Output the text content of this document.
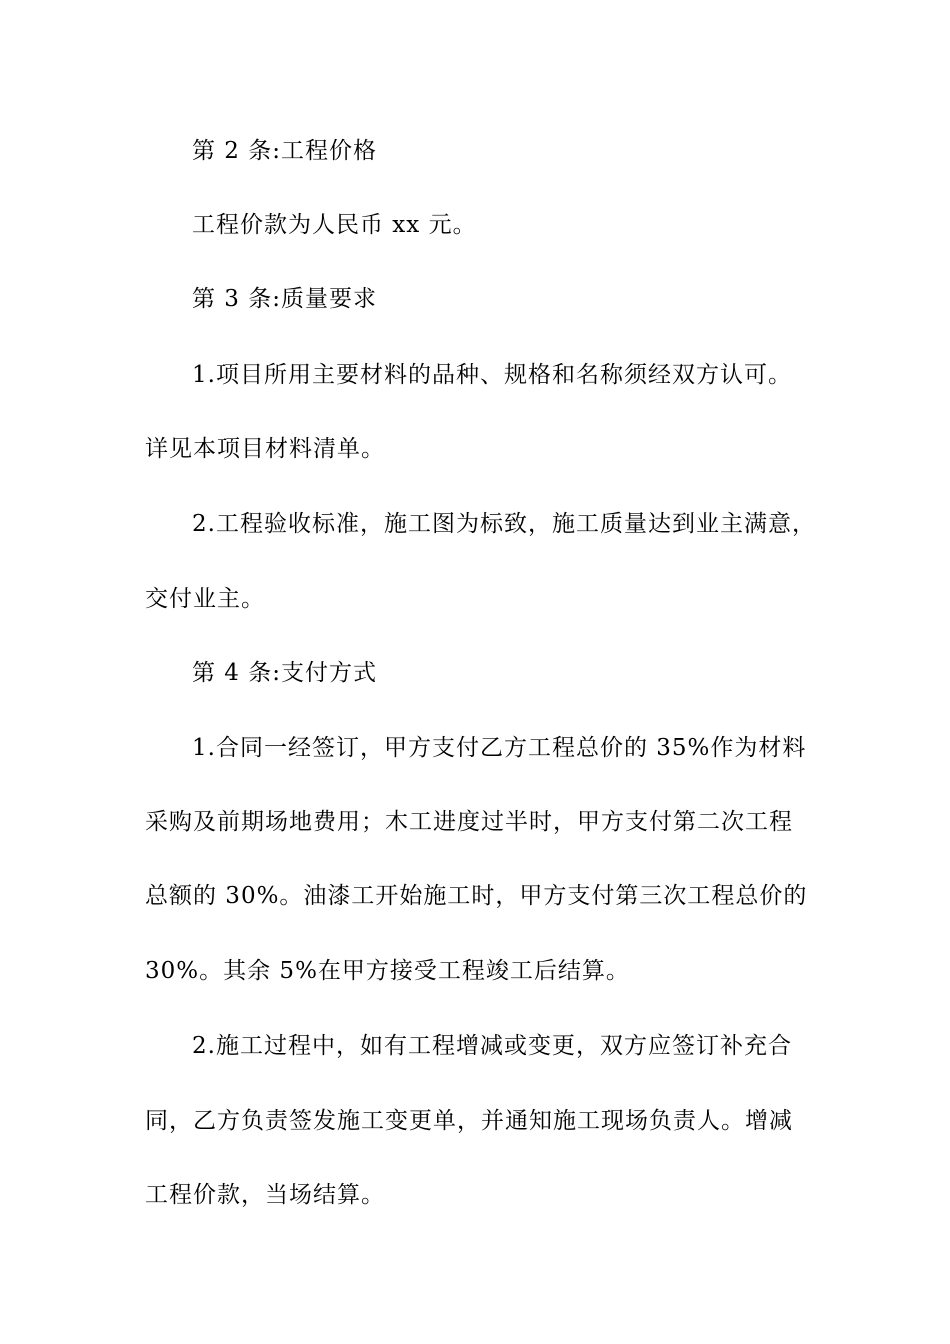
第 2 条:工程价格
工程价款为人民币 xx 元。
第 3 条:质量要求
1.项目所用主要材料的品种、规格和名称须经双方认可。
详见本项目材料清单。
2.工程验收标准，施工图为标致，施工质量达到业主满意，
交付业主。
第 4 条:支付方式
1.合同一经签订，甲方支付乙方工程总价的 35%作为材料
采购及前期场地费用；木工进度过半时，甲方支付第二次工程
总额的 30%。油漆工开始施工时，甲方支付第三次工程总价的
30%。其余 5%在甲方接受工程竣工后结算。
2.施工过程中，如有工程增减或变更，双方应签订补充合
同，乙方负责签发施工变更单，并通知施工现场负责人。增减
工程价款，当场结算。
